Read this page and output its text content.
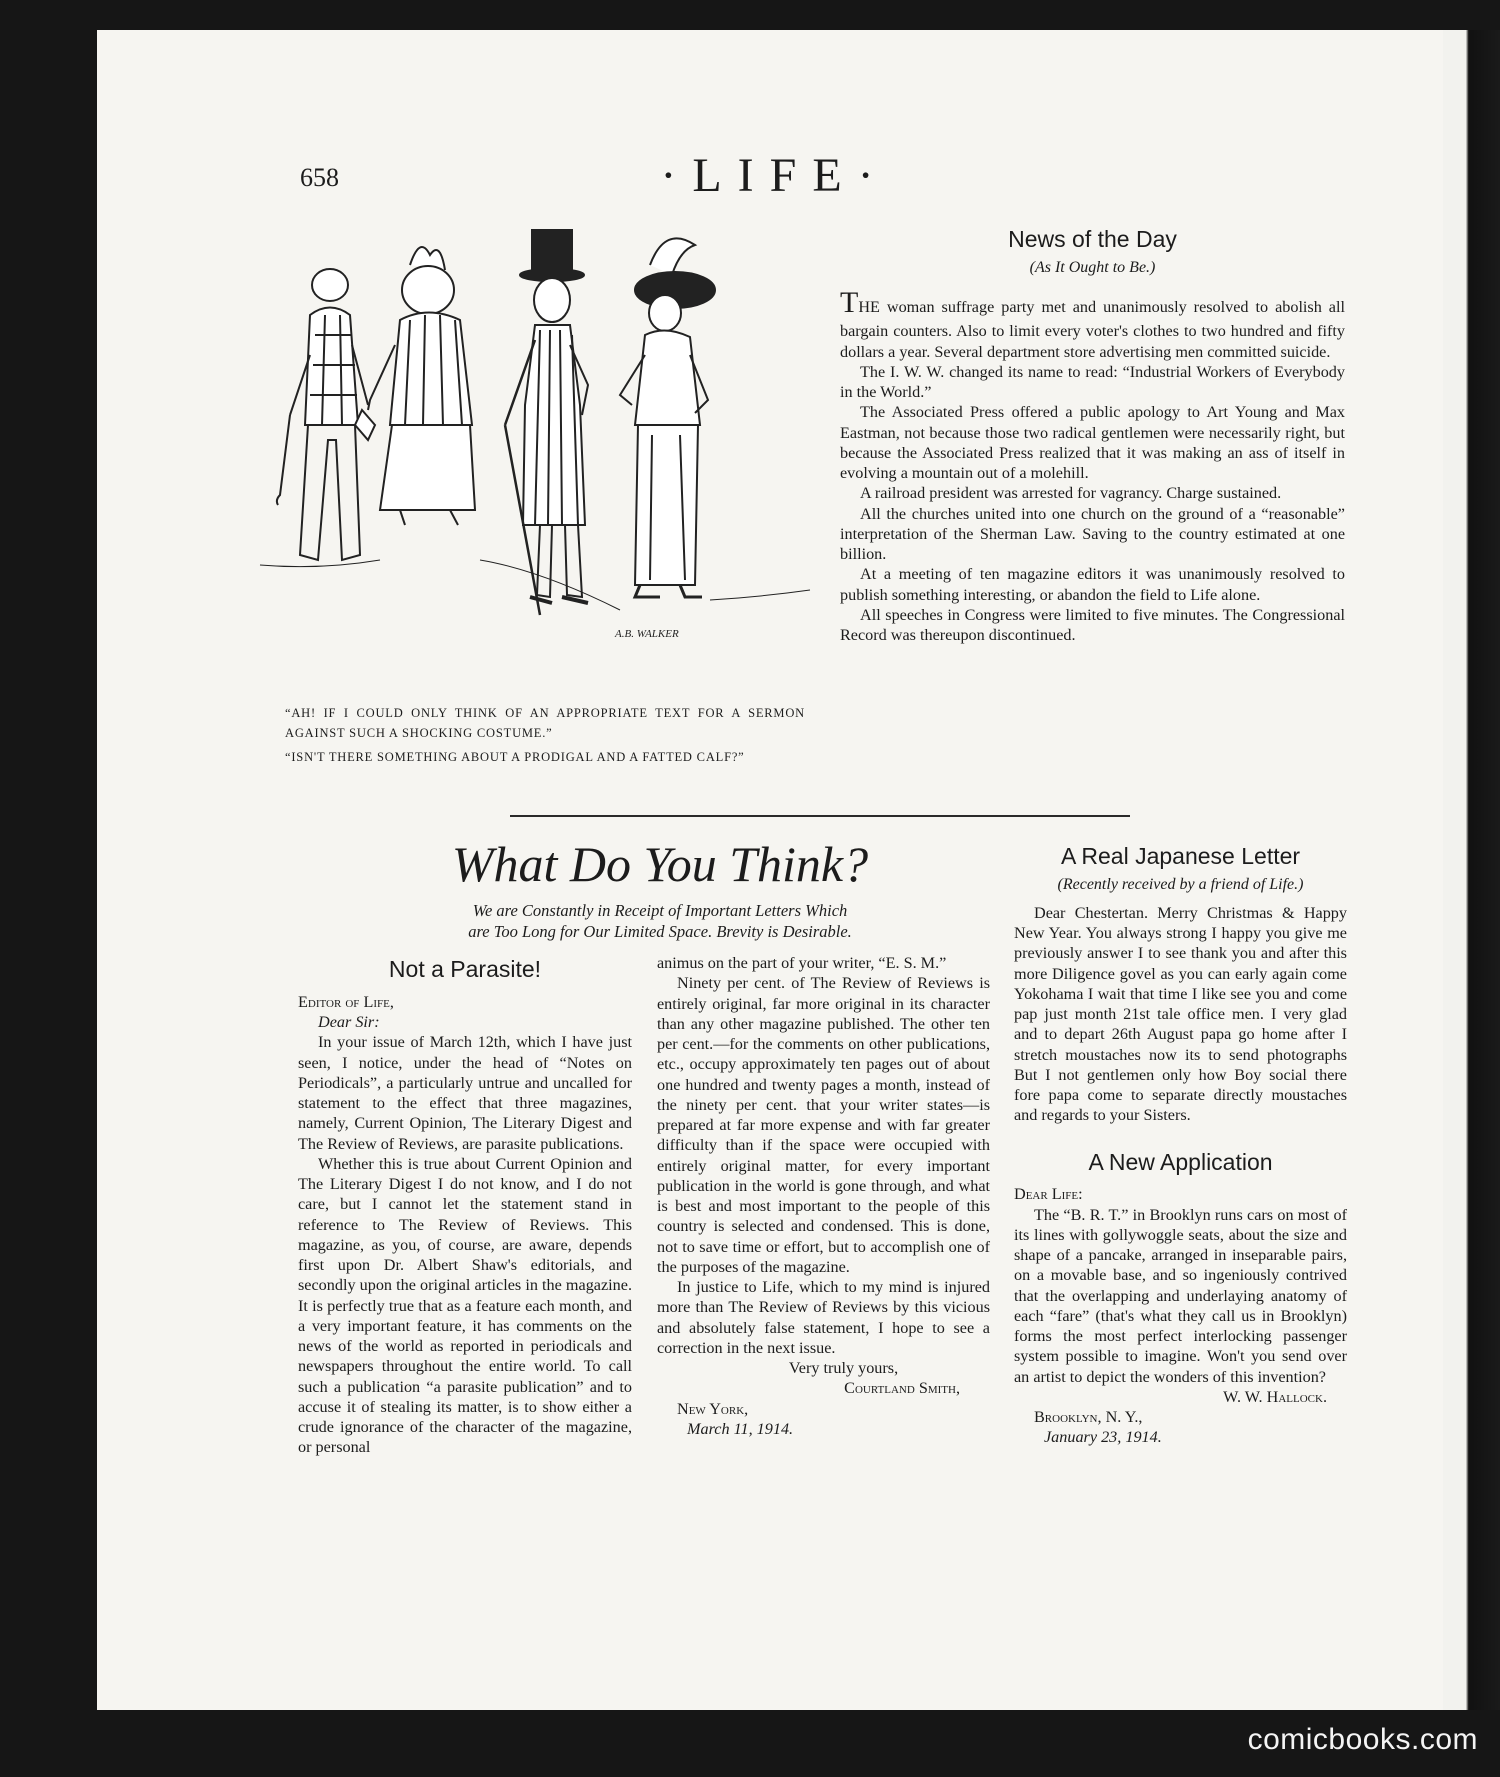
658	·LIFE·
A.B. WALKER

“AH! IF I COULD ONLY THINK OF AN APPROPRIATE TEXT FOR A SERMON AGAINST SUCH A SHOCKING COSTUME.”

“ISN'T THERE SOMETHING ABOUT A PRODIGAL AND A FATTED CALF?”

News of the Day
(As It Ought to Be.)

THE woman suffrage party met and unanimously resolved to abolish all bargain counters. Also to limit every voter's clothes to two hundred and fifty dollars a year. Several department store advertising men committed suicide.

The I. W. W. changed its name to read: “Industrial Workers of Everybody in the World.”

The Associated Press offered a public apology to Art Young and Max Eastman, not because those two radical gentlemen were necessarily right, but because the Associated Press realized that it was making an ass of itself in evolving a mountain out of a molehill.

A railroad president was arrested for vagrancy. Charge sustained.

All the churches united into one church on the ground of a “reasonable” interpretation of the Sherman Law. Saving to the country estimated at one billion.

At a meeting of ten magazine editors it was unanimously resolved to publish something interesting, or abandon the field to Life alone.

All speeches in Congress were limited to five minutes. The Congressional Record was thereupon discontinued.

What Do You Think?
We are Constantly in Receipt of Important Letters Which
are Too Long for Our Limited Space. Brevity is Desirable.
Not a Parasite!

Editor of Life,

Dear Sir:

In your issue of March 12th, which I have just seen, I notice, under the head of “Notes on Periodicals”, a particularly untrue and uncalled for statement to the effect that three magazines, namely, Current Opinion, The Literary Digest and The Review of Reviews, are parasite publications.

Whether this is true about Current Opinion and The Literary Digest I do not know, and I do not care, but I cannot let the statement stand in reference to The Review of Reviews. This magazine, as you, of course, are aware, depends first upon Dr. Albert Shaw's editorials, and secondly upon the original articles in the magazine. It is perfectly true that as a feature each month, and a very important feature, it has comments on the news of the world as reported in periodicals and newspapers throughout the entire world. To call such a publication “a parasite publication” and to accuse it of stealing its matter, is to show either a crude ignorance of the character of the magazine, or personal

animus on the part of your writer, “E. S. M.”

Ninety per cent. of The Review of Reviews is entirely original, far more original in its character than any other magazine published. The other ten per cent.—for the comments on other publications, etc., occupy approximately ten pages out of about one hundred and twenty pages a month, instead of the ninety per cent. that your writer states—is prepared at far more expense and with far greater difficulty than if the space were occupied with entirely original matter, for every important publication in the world is gone through, and what is best and most important to the people of this country is selected and condensed. This is done, not to save time or effort, but to accomplish one of the purposes of the magazine.

In justice to Life, which to my mind is injured more than The Review of Reviews by this vicious and absolutely false statement, I hope to see a correction in the next issue.

Very truly yours,

Courtland Smith,

New York,

March 11, 1914.

A Real Japanese Letter
(Recently received by a friend of Life.)

Dear Chestertan. Merry Christmas & Happy New Year. You always strong I happy you give me previously answer I to see thank you and after this more Diligence govel as you can early again come Yokohama I wait that time I like see you and come pap just month 21st tale office men. I very glad and to depart 26th August papa go home after I stretch moustaches now its to send photographs But I not gentlemen only how Boy social there fore papa come to separate directly moustaches and regards to your Sisters.

A New Application

Dear Life:

The “B. R. T.” in Brooklyn runs cars on most of its lines with gollywoggle seats, about the size and shape of a pancake, arranged in inseparable pairs, on a movable base, and so ingeniously contrived that the overlapping and underlaying anatomy of each “fare” (that's what they call us in Brooklyn) forms the most perfect interlocking passenger system possible to imagine. Won't you send over an artist to depict the wonders of this invention?

W. W. Hallock.

Brooklyn, N. Y.,

January 23, 1914.

comicbooks.com
